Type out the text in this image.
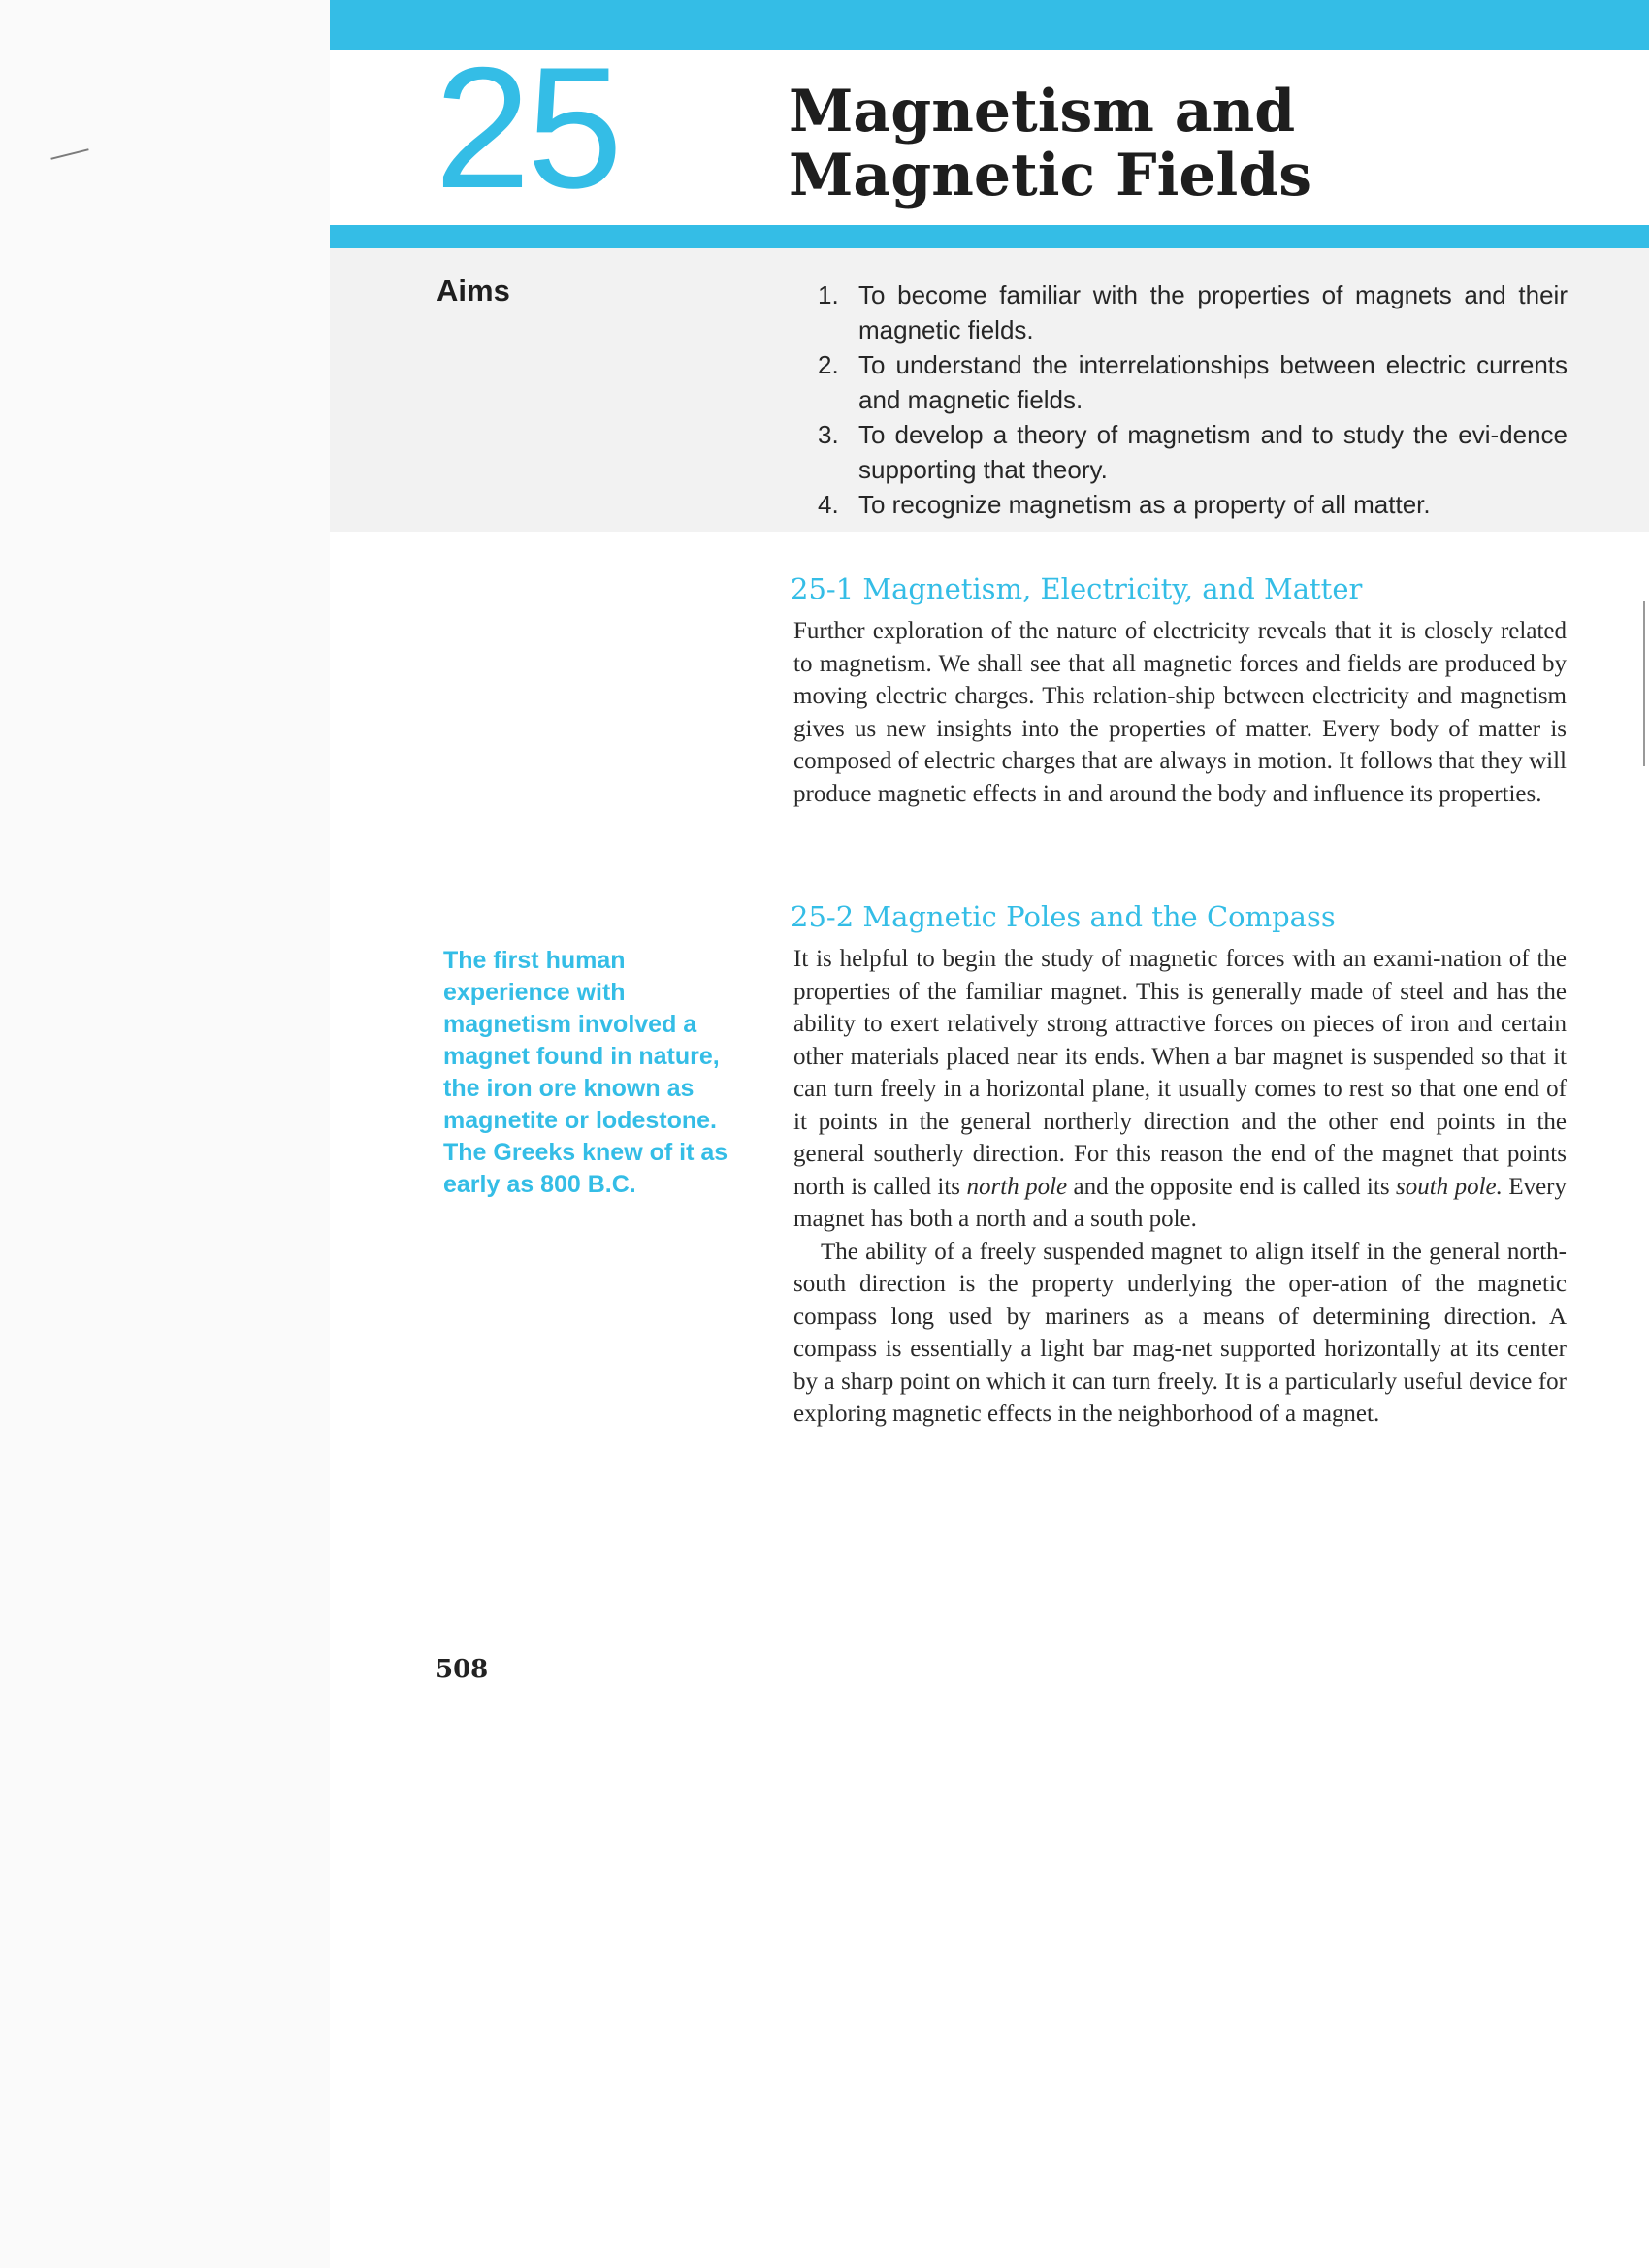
25	Magnetism and
Magnetic Fields
Aims	1. To become familiar with the properties of magnets and their magnetic fields.
2. To understand the interrelationships between electric currents and magnetic fields.
3. To develop a theory of magnetism and to study the evi-dence supporting that theory.
4. To recognize magnetism as a property of all matter.
25-1 Magnetism, Electricity, and Matter

Further exploration of the nature of electricity reveals that it is closely related to magnetism. We shall see that all magnetic forces and fields are produced by moving electric charges. This relation-ship between electricity and magnetism gives us new insights into the properties of matter. Every body of matter is composed of electric charges that are always in motion. It follows that they will produce magnetic effects in and around the body and influence its properties.

25-2 Magnetic Poles and the Compass

It is helpful to begin the study of magnetic forces with an exami-nation of the properties of the familiar magnet. This is generally made of steel and has the ability to exert relatively strong attractive forces on pieces of iron and certain other materials placed near its ends. When a bar magnet is suspended so that it can turn freely in a horizontal plane, it usually comes to rest so that one end of it points in the general northerly direction and the other end points in the general southerly direction. For this reason the end of the magnet that points north is called its north pole and the opposite end is called its south pole. Every magnet has both a north and a south pole.

The ability of a freely suspended magnet to align itself in the general north-south direction is the property underlying the oper-ation of the magnetic compass long used by mariners as a means of determining direction. A compass is essentially a light bar mag-net supported horizontally at its center by a sharp point on which it can turn freely. It is a particularly useful device for exploring magnetic effects in the neighborhood of a magnet.

The first human experience with magnetism involved a magnet found in nature, the iron ore known as magnetite or lodestone. The Greeks knew of it as early as 800 B.C.
508
